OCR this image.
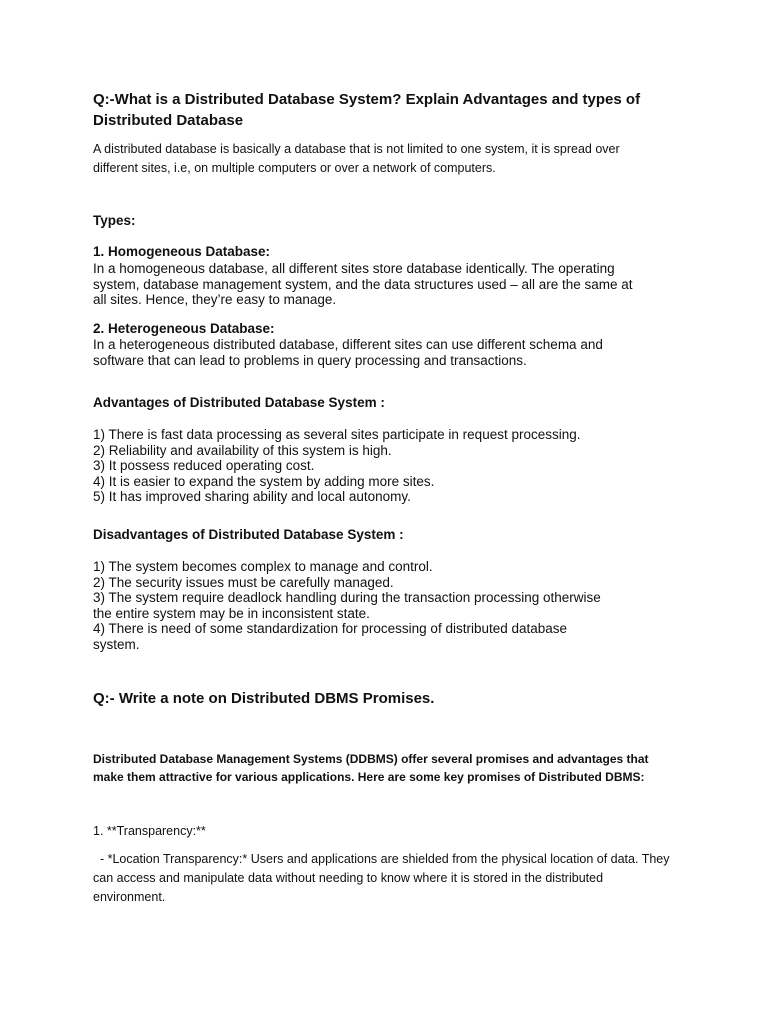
Q:-What is a Distributed Database System? Explain Advantages and types of Distributed Database

A distributed database is basically a database that is not limited to one system, it is spread over different sites, i.e, on multiple computers or over a network of computers.

Types:
1. Homogeneous Database:
In a homogeneous database, all different sites store database identically. The operating
system, database management system, and the data structures used – all are the same at
all sites. Hence, they’re easy to manage.
2. Heterogeneous Database:
In a heterogeneous distributed database, different sites can use different schema and
software that can lead to problems in query processing and transactions.
Advantages of Distributed Database System :
1) There is fast data processing as several sites participate in request processing.
2) Reliability and availability of this system is high.
3) It possess reduced operating cost.
4) It is easier to expand the system by adding more sites.
5) It has improved sharing ability and local autonomy.
Disadvantages of Distributed Database System :
1) The system becomes complex to manage and control.
2) The security issues must be carefully managed.
3) The system require deadlock handling during the transaction processing otherwise
the entire system may be in inconsistent state.
4) There is need of some standardization for processing of distributed database
system.
Q:- Write a note on Distributed DBMS Promises.

Distributed Database Management Systems (DDBMS) offer several promises and advantages that make them attractive for various applications. Here are some key promises of Distributed DBMS:

1. **Transparency:**

- *Location Transparency:* Users and applications are shielded from the physical location of data. They can access and manipulate data without needing to know where it is stored in the distributed environment.
